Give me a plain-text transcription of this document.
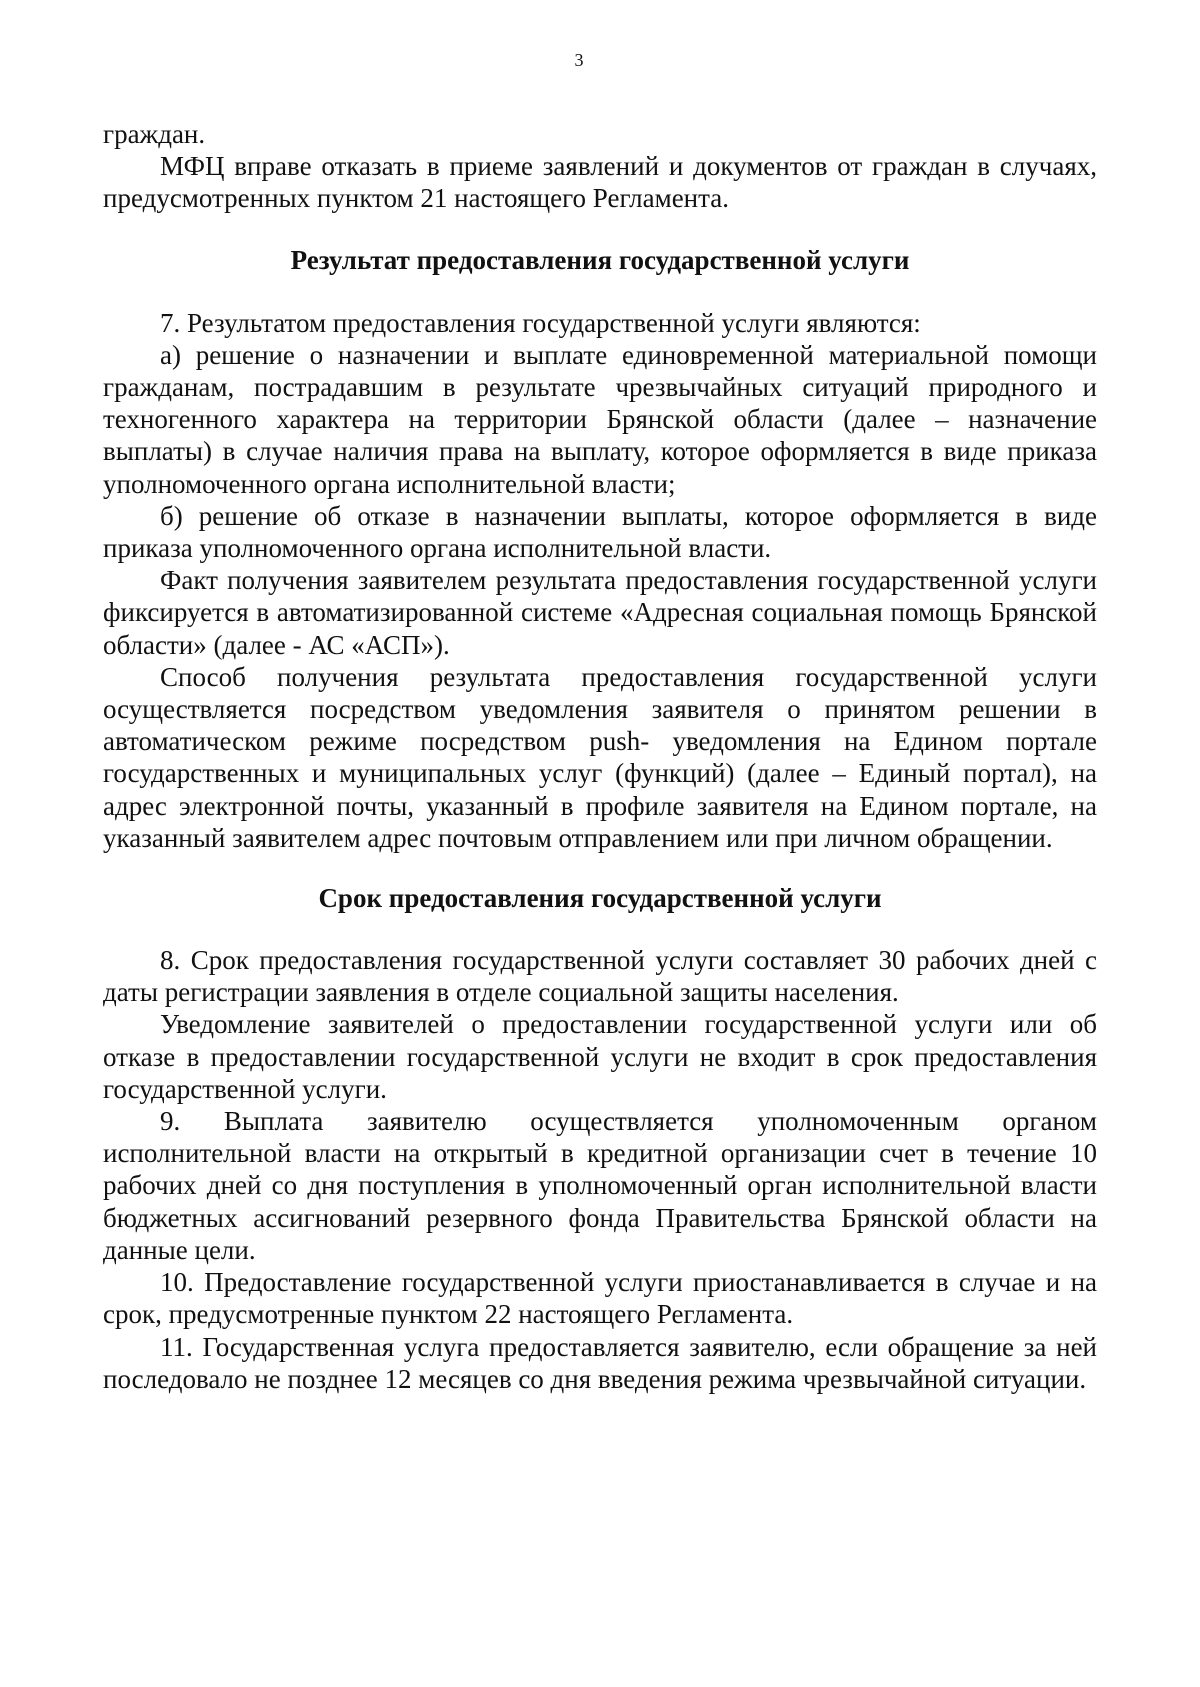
3

граждан.

МФЦ вправе отказать в приеме заявлений и документов от граждан в случаях, предусмотренных пунктом 21 настоящего Регламента.

Результат предоставления государственной услуги

7. Результатом предоставления государственной услуги являются:

а) решение о назначении и выплате единовременной материальной помощи гражданам, пострадавшим в результате чрезвычайных ситуаций природного и техногенного характера на территории Брянской области (далее – назначение выплаты) в случае наличия права на выплату, которое оформляется в виде приказа уполномоченного органа исполнительной власти;

б) решение об отказе в назначении выплаты, которое оформляется в виде приказа уполномоченного органа исполнительной власти.

Факт получения заявителем результата предоставления государственной услуги фиксируется в автоматизированной системе «Адресная социальная помощь Брянской области» (далее - АС «АСП»).

Способ получения результата предоставления государственной услуги осуществляется посредством уведомления заявителя о принятом решении в автоматическом режиме посредством push- уведомления на Едином портале государственных и муниципальных услуг (функций) (далее – Единый портал), на адрес электронной почты, указанный в профиле заявителя на Едином портале, на указанный заявителем адрес почтовым отправлением или при личном обращении.

Срок предоставления государственной услуги

8. Срок предоставления государственной услуги составляет 30 рабочих дней с даты регистрации заявления в отделе социальной защиты населения.

Уведомление заявителей о предоставлении государственной услуги или об отказе в предоставлении государственной услуги не входит в срок предоставления государственной услуги.

9. Выплата заявителю осуществляется уполномоченным органом исполнительной власти на открытый в кредитной организации счет в течение 10 рабочих дней со дня поступления в уполномоченный орган исполнительной власти бюджетных ассигнований резервного фонда Правительства Брянской области на данные цели.

10. Предоставление государственной услуги приостанавливается в случае и на срок, предусмотренные пунктом 22 настоящего Регламента.

11. Государственная услуга предоставляется заявителю, если обращение за ней последовало не позднее 12 месяцев со дня введения режима чрезвычайной ситуации.
